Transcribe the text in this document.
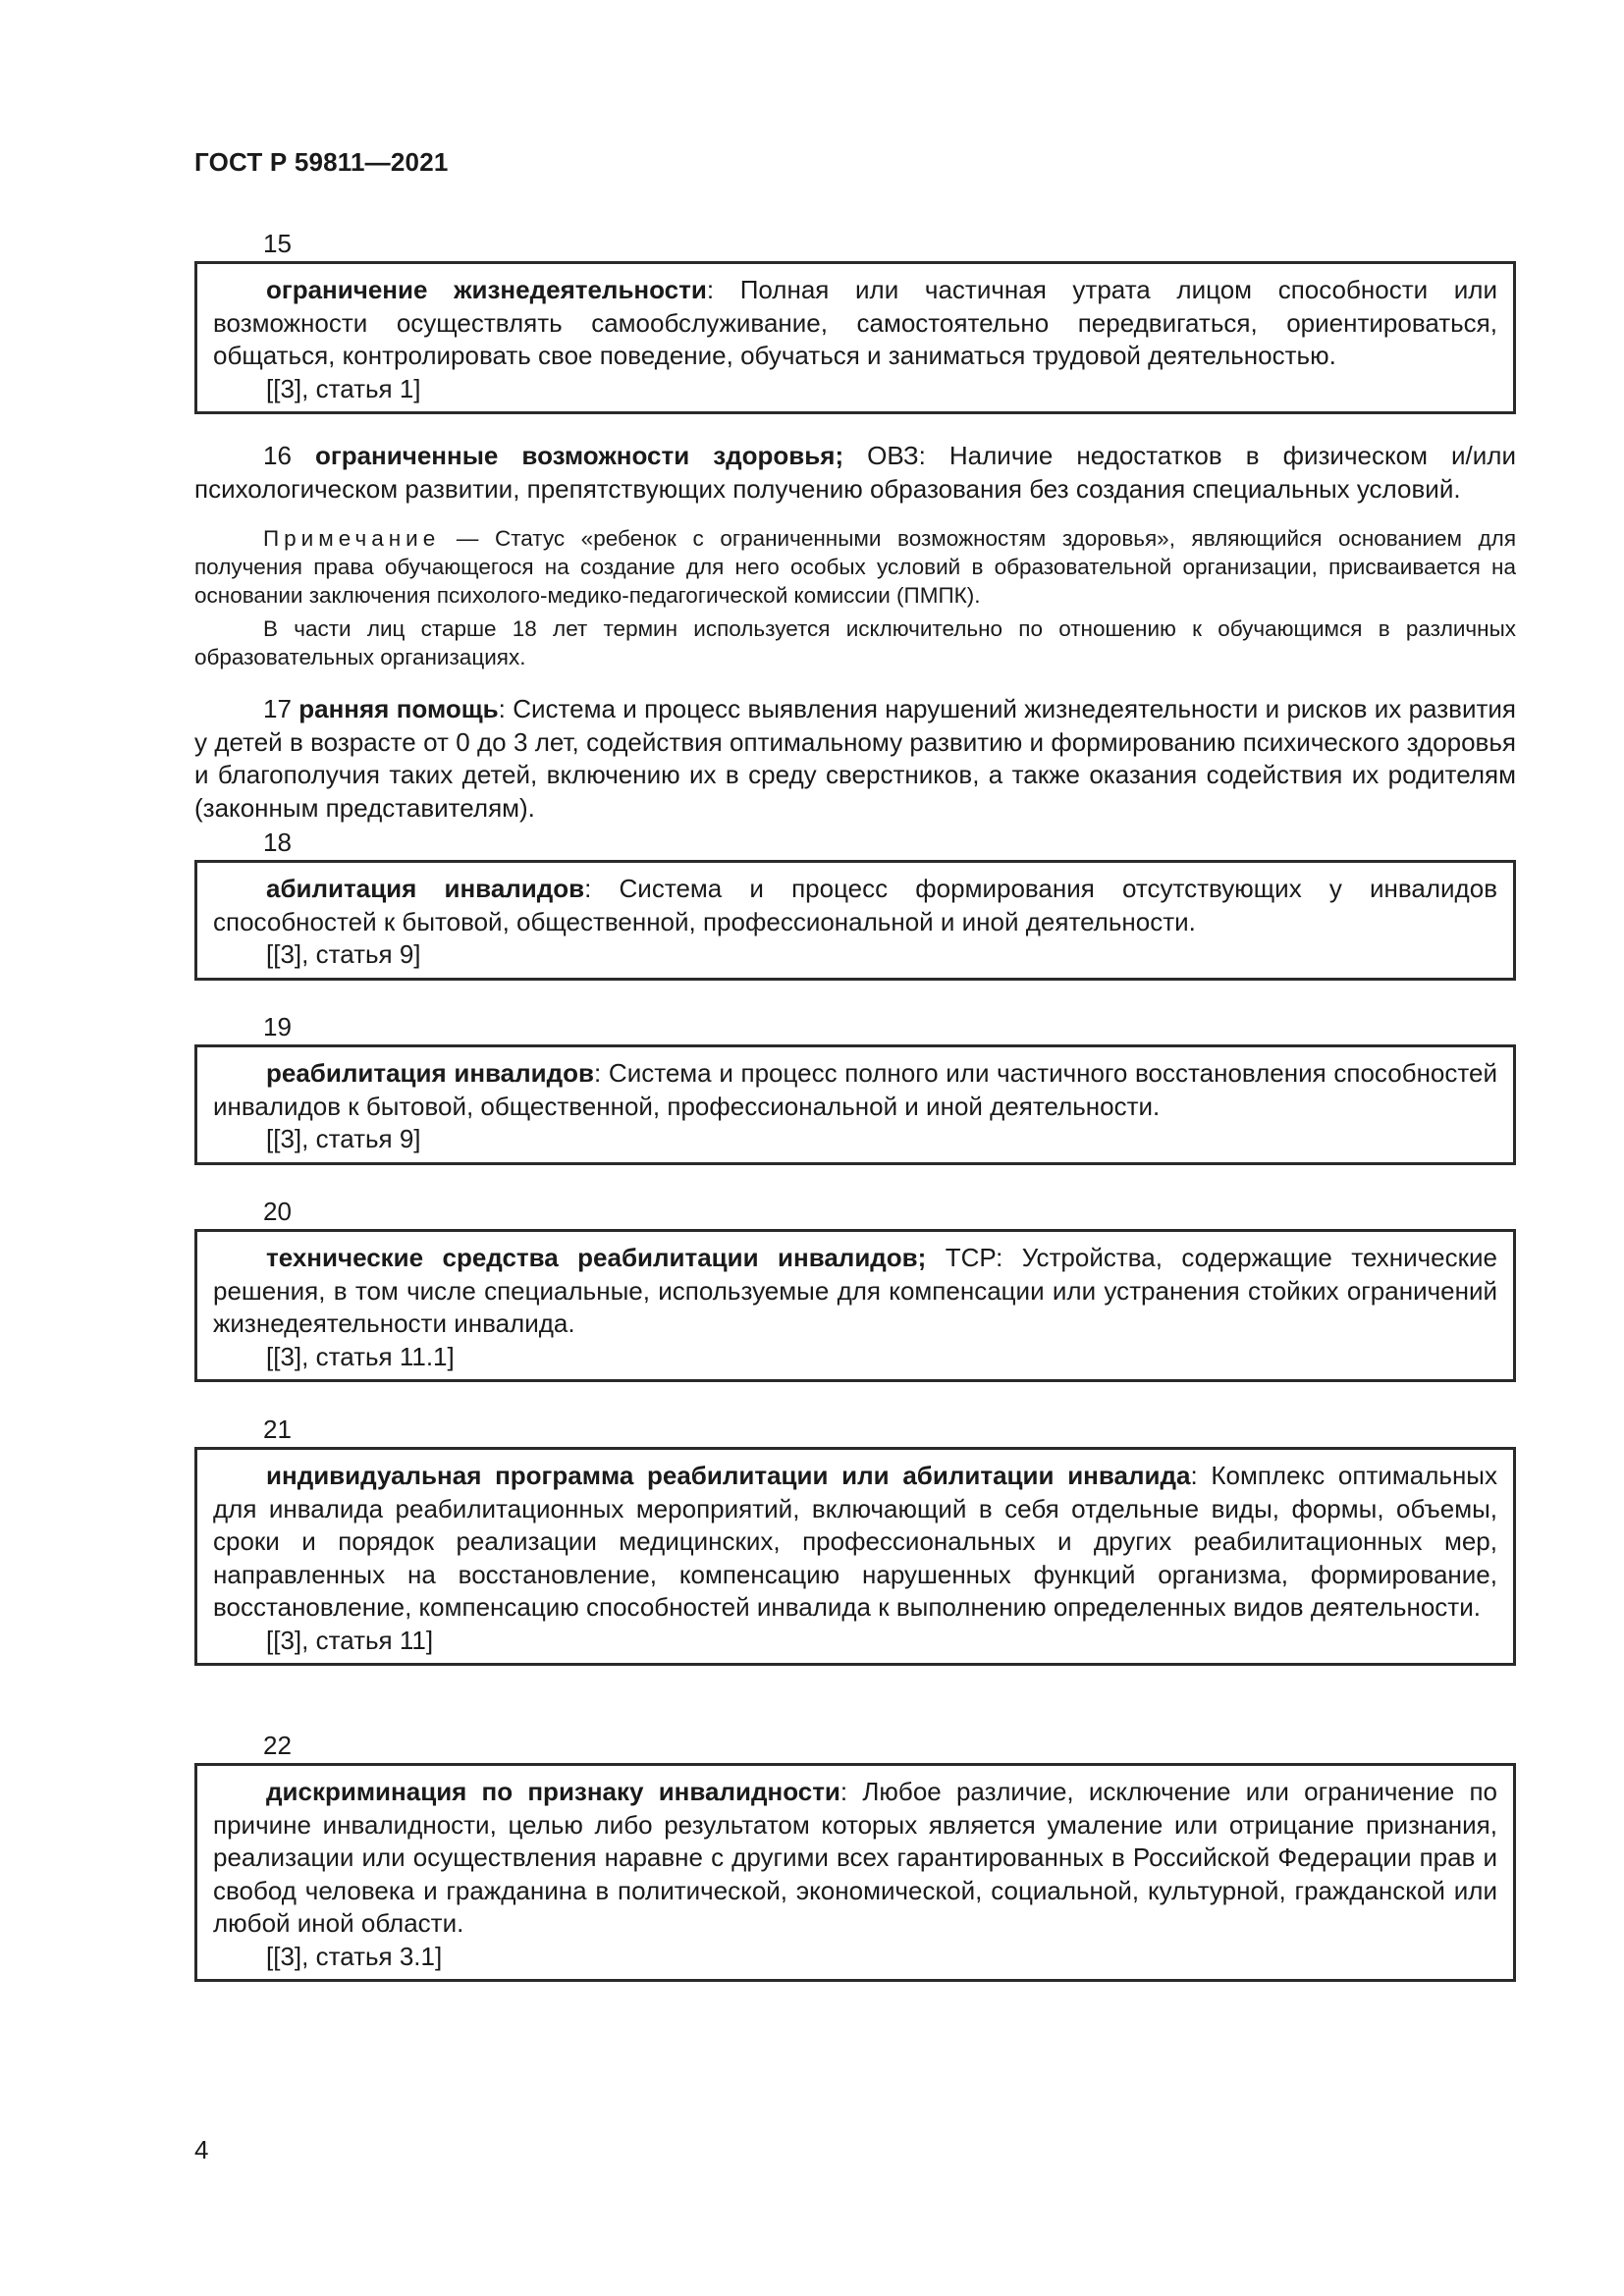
ГОСТ Р 59811—2021
15

ограничение жизнедеятельности: Полная или частичная утрата лицом способности или возможности осуществлять самообслуживание, самостоятельно передвигаться, ориентироваться, общаться, контролировать свое поведение, обучаться и заниматься трудовой деятельностью.

[[3], статья 1]

16 ограниченные возможности здоровья; ОВЗ: Наличие недостатков в физическом и/или психологическом развитии, препятствующих получению образования без создания специальных условий.

Примечание — Статус «ребенок с ограниченными возможностям здоровья», являющийся основанием для получения права обучающегося на создание для него особых условий в образовательной организации, присваивается на основании заключения психолого-медико-педагогической комиссии (ПМПК).

В части лиц старше 18 лет термин используется исключительно по отношению к обучающимся в различных образовательных организациях.

17 ранняя помощь: Система и процесс выявления нарушений жизнедеятельности и рисков их развития у детей в возрасте от 0 до 3 лет, содействия оптимальному развитию и формированию психического здоровья и благополучия таких детей, включению их в среду сверстников, а также оказания содействия их родителям (законным представителям).

18

абилитация инвалидов: Система и процесс формирования отсутствующих у инвалидов способностей к бытовой, общественной, профессиональной и иной деятельности.

[[3], статья 9]

19

реабилитация инвалидов: Система и процесс полного или частичного восстановления способностей инвалидов к бытовой, общественной, профессиональной и иной деятельности.

[[3], статья 9]

20

технические средства реабилитации инвалидов; ТСР: Устройства, содержащие технические решения, в том числе специальные, используемые для компенсации или устранения стойких ограничений жизнедеятельности инвалида.

[[3], статья 11.1]

21

индивидуальная программа реабилитации или абилитации инвалида: Комплекс оптимальных для инвалида реабилитационных мероприятий, включающий в себя отдельные виды, формы, объемы, сроки и порядок реализации медицинских, профессиональных и других реабилитационных мер, направленных на восстановление, компенсацию нарушенных функций организма, формирование, восстановление, компенсацию способностей инвалида к выполнению определенных видов деятельности.

[[3], статья 11]

22

дискриминация по признаку инвалидности: Любое различие, исключение или ограничение по причине инвалидности, целью либо результатом которых является умаление или отрицание признания, реализации или осуществления наравне с другими всех гарантированных в Российской Федерации прав и свобод человека и гражданина в политической, экономической, социальной, культурной, гражданской или любой иной области.

[[3], статья 3.1]

4
